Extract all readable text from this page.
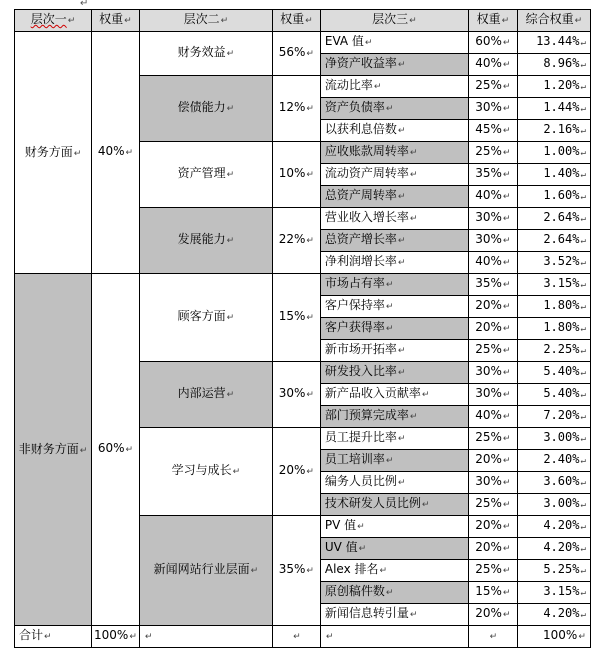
↵
层次一 ↵	权重 ↵	层次二 ↵	权重 ↵	层次三 ↵	权重 ↵	综合权重 ↵
财务方面 ↵	40% ↵	财务效益 ↵	56% ↵	EVA 值 ↵	60% ↵	13.44% ↵
				净资产收益率 ↵	40% ↵	8.96% ↵
		偿债能力 ↵	12% ↵	流动比率 ↵	25% ↵	1.20% ↵
				资产负债率 ↵	30% ↵	1.44% ↵
				以获利息倍数 ↵	45% ↵	2.16% ↵
		资产管理 ↵	10% ↵	应收账款周转率 ↵	25% ↵	1.00% ↵
				流动资产周转率 ↵	35% ↵	1.40% ↵
				总资产周转率 ↵	40% ↵	1.60% ↵
		发展能力 ↵	22% ↵	营业收入增长率 ↵	30% ↵	2.64% ↵
				总资产增长率 ↵	30% ↵	2.64% ↵
				净利润增长率 ↵	40% ↵	3.52% ↵
非财务方面 ↵	60% ↵	顾客方面 ↵	15% ↵	市场占有率 ↵	35% ↵	3.15% ↵
				客户保持率 ↵	20% ↵	1.80% ↵
				客户获得率 ↵	20% ↵	1.80% ↵
				新市场开拓率 ↵	25% ↵	2.25% ↵
		内部运营 ↵	30% ↵	研发投入比率 ↵	30% ↵	5.40% ↵
				新产品收入贡献率 ↵	30% ↵	5.40% ↵
				部门预算完成率 ↵	40% ↵	7.20% ↵
		学习与成长 ↵	20% ↵	员工提升比率 ↵	25% ↵	3.00% ↵
				员工培训率 ↵	20% ↵	2.40% ↵
				编务人员比例 ↵	30% ↵	3.60% ↵
				技术研发人员比例 ↵	25% ↵	3.00% ↵
		新闻网站行业层面 ↵	35% ↵	PV 值 ↵	20% ↵	4.20% ↵
				UV 值 ↵	20% ↵	4.20% ↵
				Alex 排名 ↵	25% ↵	5.25% ↵
				原创稿件数 ↵	15% ↵	3.15% ↵
				新闻信息转引量 ↵	20% ↵	4.20% ↵
合计 ↵	100% ↵	↵	↵	↵	↵	100% ↵
